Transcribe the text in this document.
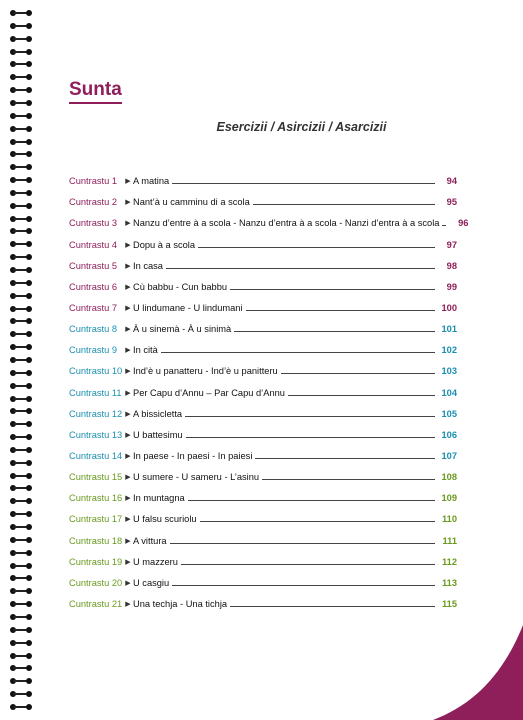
Sunta
Esercizii / Asircizii / Asarcizii
Cuntrastu 1	▶ A matina	94
Cuntrastu 2	▶ Nant’à u camminu di a scola	95
Cuntrastu 3	▶ Nanzu d’entre à a scola - Nanzu d’entra à a scola - Nanzi d’entra à a scola	96
Cuntrastu 4	▶ Dopu à a scola	97
Cuntrastu 5	▶ In casa	98
Cuntrastu 6	▶ Cù babbu - Cun babbu	99
Cuntrastu 7	▶ U lindumane - U lindumani	100
Cuntrastu 8	▶ À u sinemà - À u sinimà	101
Cuntrastu 9	▶ In cità	102
Cuntrastu 10 ▶ Ind’è u panatteru - Ind’è u panitteru	103
Cuntrastu 11 ▶ Per Capu d’Annu – Par Capu d’Annu	104
Cuntrastu 12 ▶ A bissicletta	105
Cuntrastu 13 ▶ U battesimu	106
Cuntrastu 14 ▶ In paese - In paesi - In paiesi	107
Cuntrastu 15 ▶ U sumere - U sameru - L’asinu	108
Cuntrastu 16 ▶ In muntagna	109
Cuntrastu 17 ▶ U falsu scuriolu	110
Cuntrastu 18 ▶ A vittura	111
Cuntrastu 19 ▶ U mazzeru	112
Cuntrastu 20 ▶ U casgiu	113
Cuntrastu 21 ▶ Una techja - Una tichja	115
